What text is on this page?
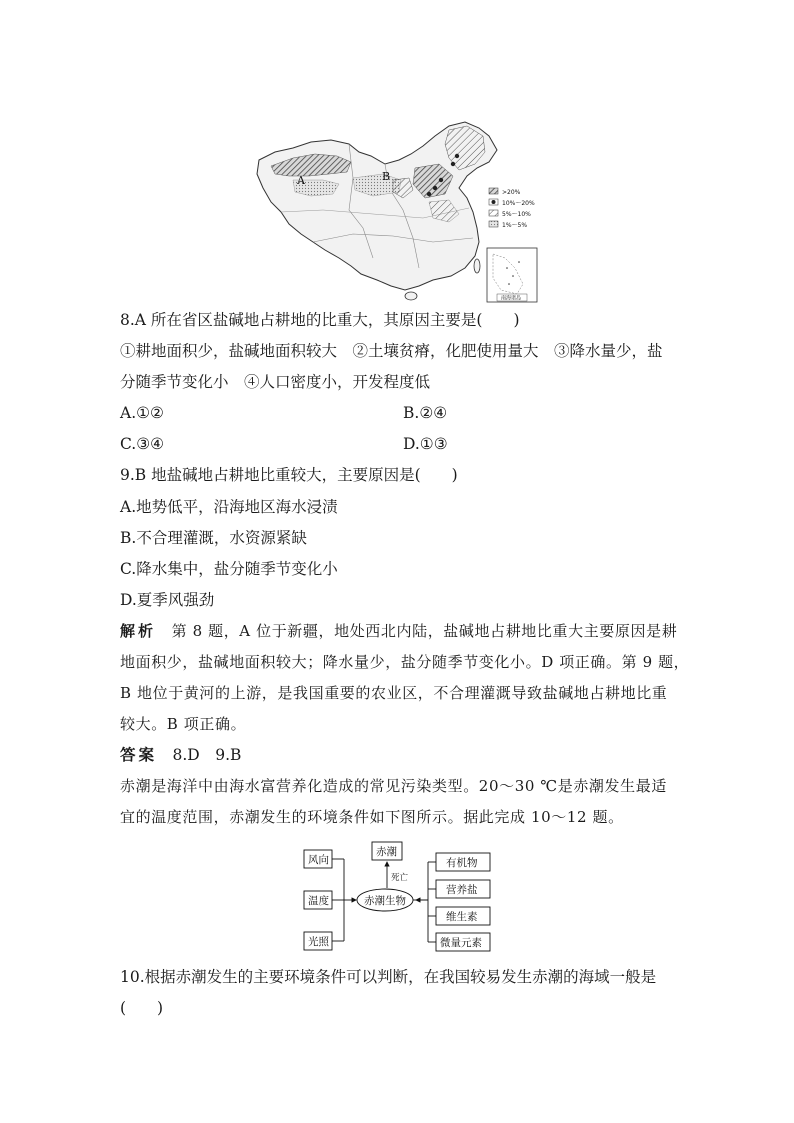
A	B
>20%
10%～20%
5%～10%
1%～5%
南海诸岛
8.A 所在省区盐碱地占耕地的比重大，其原因主要是(　　)
①耕地面积少，盐碱地面积较大　②土壤贫瘠，化肥使用量大　③降水量少，盐
分随季节变化小　④人口密度小，开发程度低
A.①②	B.②④
C.③④	D.①③
9.B 地盐碱地占耕地比重较大，主要原因是(　　)
A.地势低平，沿海地区海水浸渍
B.不合理灌溉，水资源紧缺
C.降水集中，盐分随季节变化小
D.夏季风强劲
解析　第 8 题，A 位于新疆，地处西北内陆，盐碱地占耕地比重大主要原因是耕
地面积少，盐碱地面积较大；降水量少，盐分随季节变化小。D 项正确。第 9 题，
B 地位于黄河的上游，是我国重要的农业区，不合理灌溉导致盐碱地占耕地比重
较大。B 项正确。
答案　8.D　9.B
赤潮是海洋中由海水富营养化造成的常见污染类型。20～30 ℃是赤潮发生最适
宜的温度范围，赤潮发生的环境条件如下图所示。据此完成 10～12 题。
风向
温度
光照
赤潮
赤潮生物
死亡
有机物
营养盐
维生素
微量元素
10.根据赤潮发生的主要环境条件可以判断，在我国较易发生赤潮的海域一般是
(　　)
